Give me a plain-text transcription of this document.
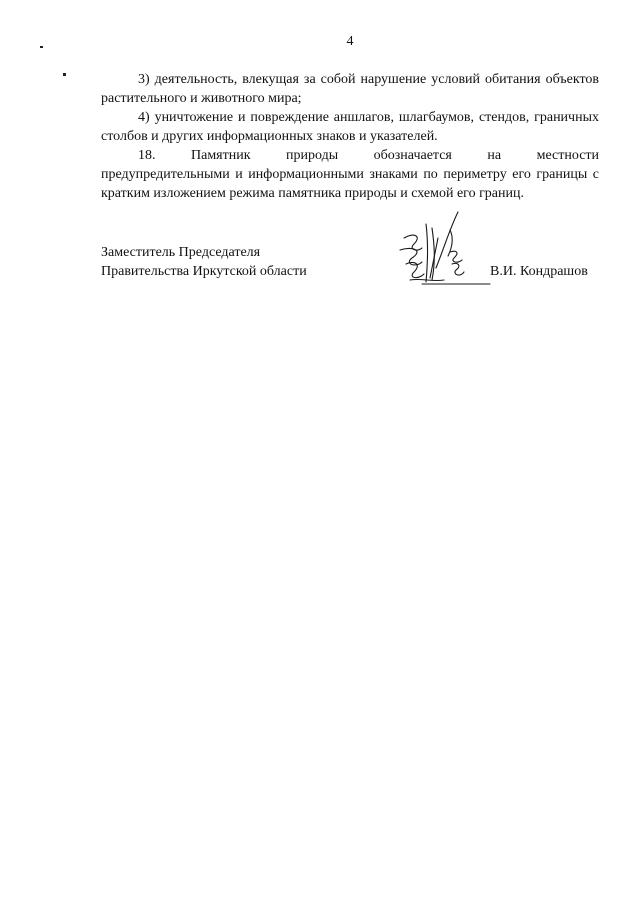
4

3) деятельность, влекущая за собой нарушение условий обитания объектов растительного и животного мира;

4) уничтожение и повреждение аншлагов, шлагбаумов, стендов, граничных столбов и других информационных знаков и указателей.

18.	Памятник	природы	обозначается	на	местности

предупредительными и информационными знаками по периметру его границы с кратким изложением режима памятника природы и схемой его границ.

Заместитель Председателя
Правительства Иркутской области	В.И. Кондрашов
